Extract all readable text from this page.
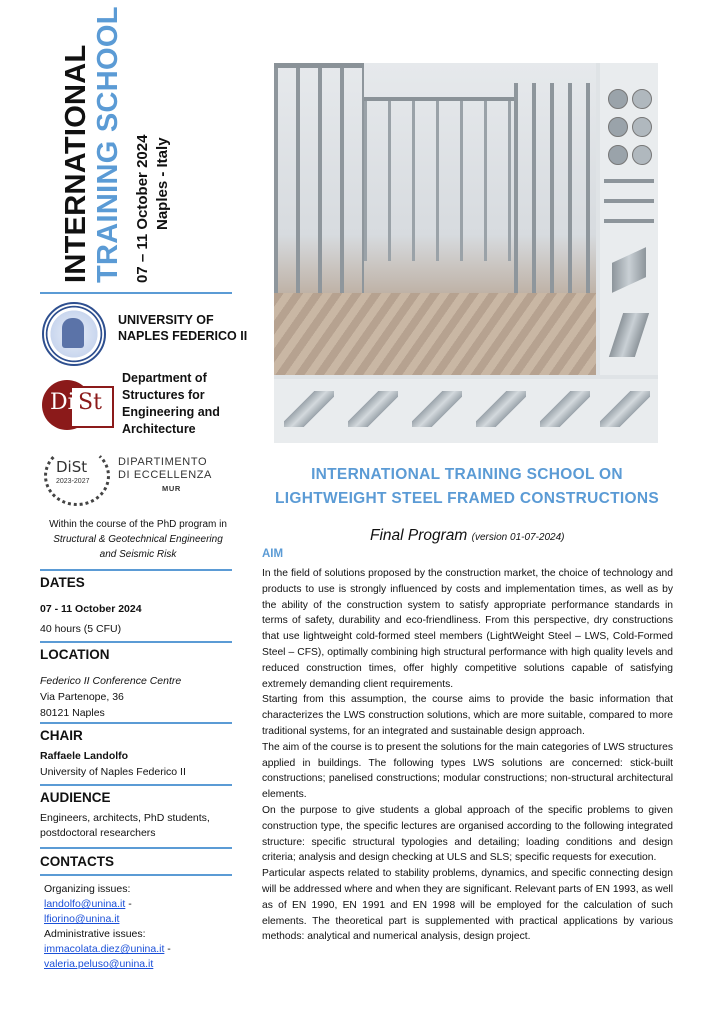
INTERNATIONAL TRAINING SCHOOL 07 – 11 October 2024 Naples - Italy
UNIVERSITY OF
NAPLES FEDERICO II
Di St
Department of
Structures for
Engineering and
Architecture
DiSt
2023-2027
DIPARTIMENTO
DI ECCELLENZA
MUR
Within the course of the PhD program in
Structural & Geotechnical Engineering
and Seismic Risk
DATES
07 - 11 October 2024
40 hours (5 CFU)
LOCATION
Federico II Conference Centre
Via Partenope, 36
80121 Naples
CHAIR
Raffaele Landolfo
University of Naples Federico II
AUDIENCE
Engineers, architects, PhD students,
postdoctoral researchers
CONTACTS
Organizing issues:
landolfo@unina.it -
lfiorino@unina.it
Administrative issues:
immacolata.diez@unina.it -
valeria.peluso@unina.it
INTERNATIONAL TRAINING SCHOOL ON
LIGHTWEIGHT STEEL FRAMED CONSTRUCTIONS
Final Program (version 01-07-2024)
AIM

In the field of solutions proposed by the construction market, the choice of technology and products to use is strongly influenced by costs and implementation times, as well as by the ability of the construction system to satisfy appropriate performance standards in terms of safety, durability and eco-friendliness. From this perspective, dry constructions that use lightweight cold-formed steel members (LightWeight Steel – LWS, Cold-Formed Steel – CFS), optimally combining high structural performance with high quality levels and reduced construction times, offer highly competitive solutions capable of satisfying extremely demanding client requirements.

Starting from this assumption, the course aims to provide the basic information that characterizes the LWS construction solutions, which are more suitable, compared to more traditional systems, for an integrated and sustainable design approach.

The aim of the course is to present the solutions for the main categories of LWS structures applied in buildings. The following types LWS solutions are concerned: stick-built constructions; panelised constructions; modular constructions; non-structural architectural elements.

On the purpose to give students a global approach of the specific problems to given construction type, the specific lectures are organised according to the following integrated structure: specific structural typologies and detailing; loading conditions and design criteria; analysis and design checking at ULS and SLS; specific requests for execution.

Particular aspects related to stability problems, dynamics, and specific connecting design will be addressed where and when they are significant. Relevant parts of EN 1993, as well as of EN 1990, EN 1991 and EN 1998 will be employed for the calculation of such elements. The theoretical part is supplemented with practical applications by various methods: analytical and numerical analysis, design project.
